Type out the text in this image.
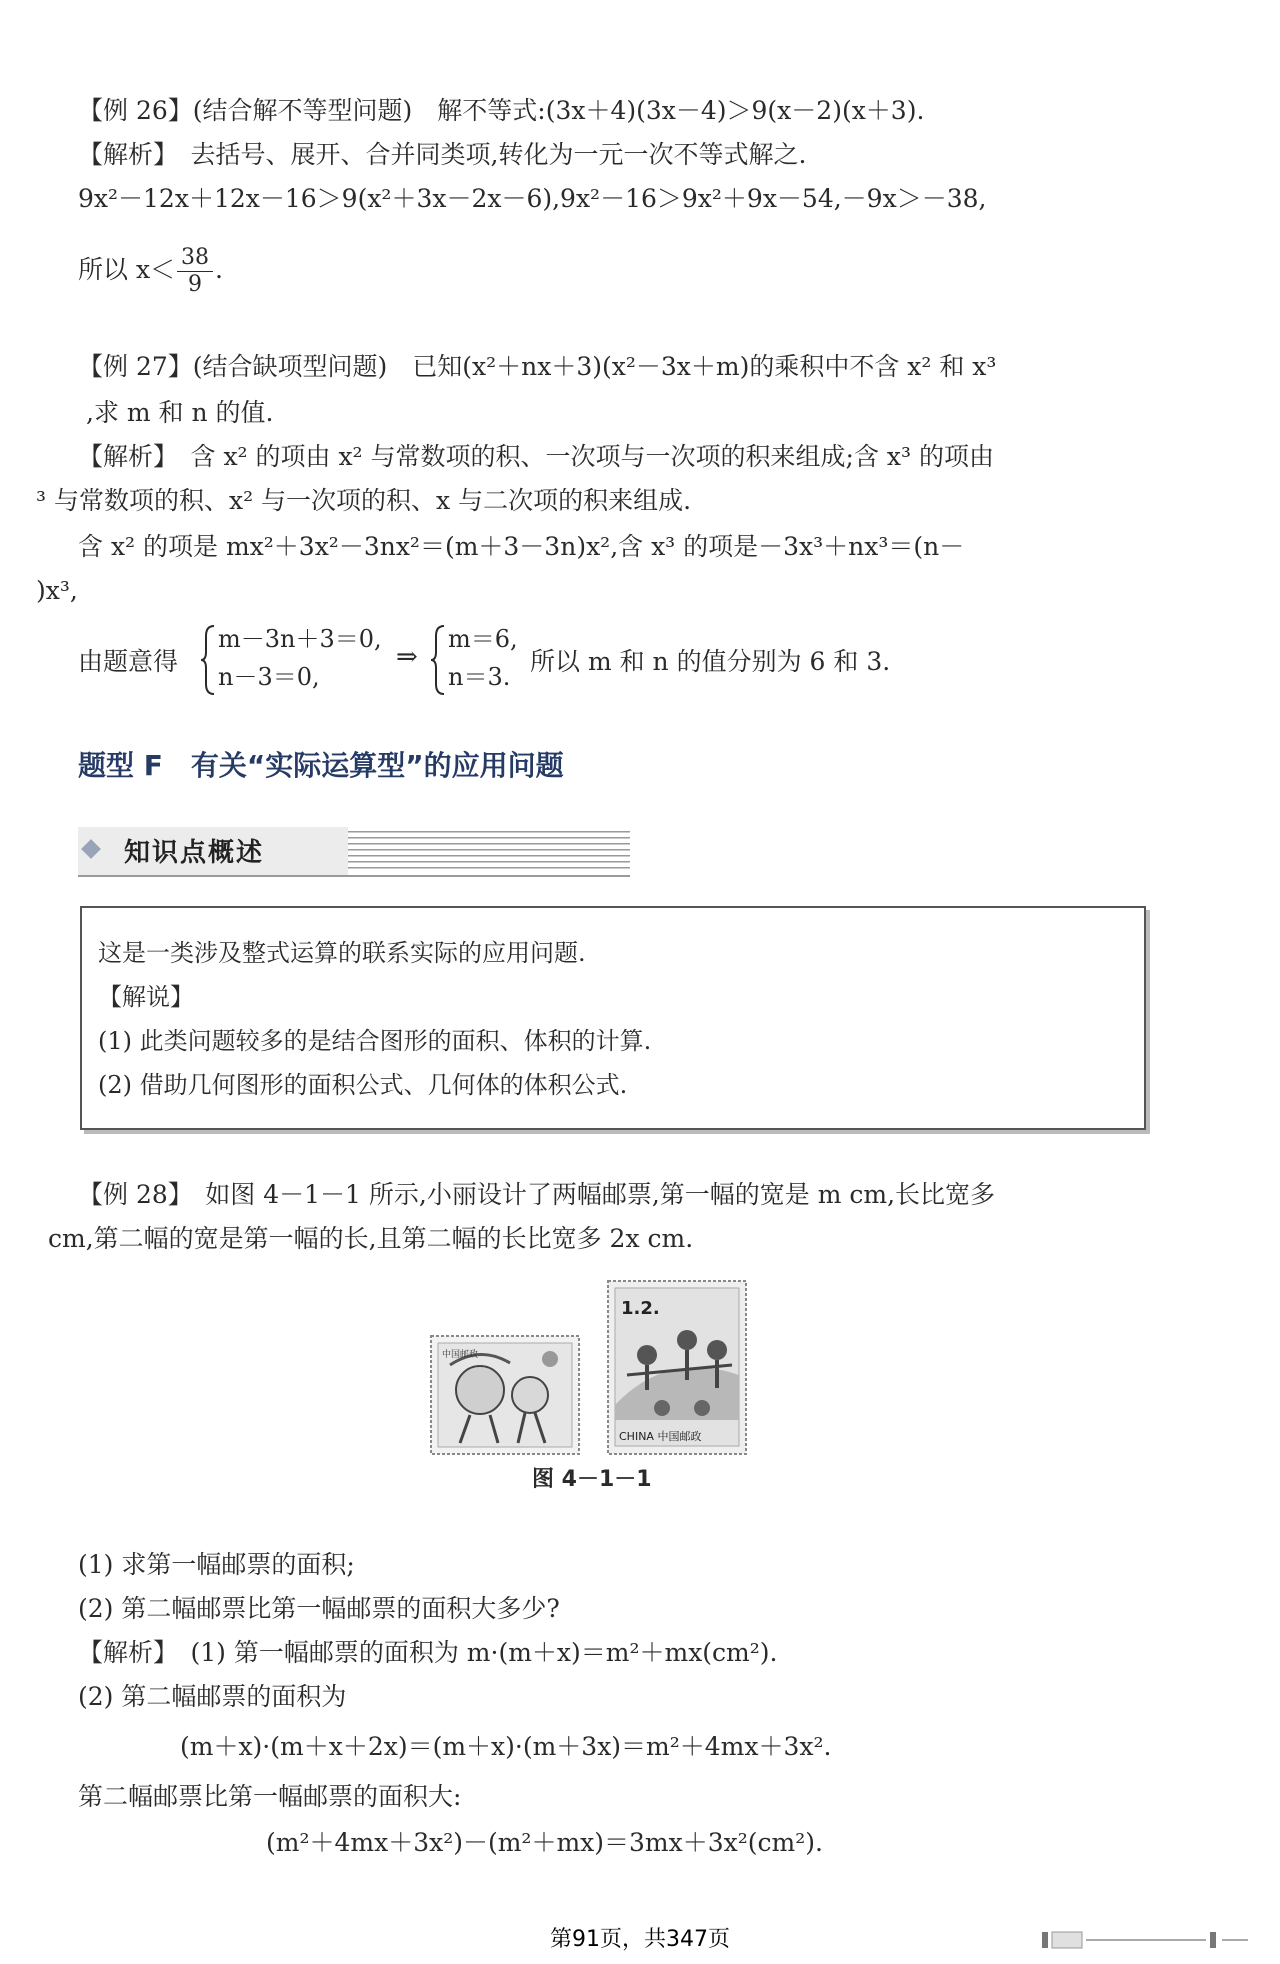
【例 26】(结合解不等型问题)　解不等式:(3x＋4)(3x－4)＞9(x－2)(x＋3).
【解析】　去括号、展开、合并同类项,转化为一元一次不等式解之.
9x²－12x＋12x－16＞9(x²＋3x－2x－6),9x²－16＞9x²＋9x－54,－9x＞－38,
所以 $x< \frac{38}{9}$ .
【例 27】(结合缺项型问题)　已知(x²＋nx＋3)(x²－3x＋m)的乘积中不含 x² 和 x³
,求 m 和 n 的值.
【解析】　含 x² 的项由 x² 与常数项的积、一次项与一次项的积来组成;含 x³ 的项由
³ 与常数项的积、x² 与一次项的积、x 与二次项的积来组成.
含 x² 的项是 mx²＋3x²－3nx²＝(m＋3－3n)x²,含 x³ 的项是－3x³＋nx³＝(n－
)x³,
由题意得
m－3n＋3＝0,
n－3＝0,
⇒
m＝6,
n＝3.
所以 m 和 n 的值分别为 6 和 3.
题型 F　有关“实际运算型”的应用问题
知识点概述
这是一类涉及整式运算的联系实际的应用问题.
【解说】
(1) 此类问题较多的是结合图形的面积、体积的计算.
(2) 借助几何图形的面积公式、几何体的体积公式.
【例 28】　如图 4－1－1 所示,小丽设计了两幅邮票,第一幅的宽是 m cm,长比宽多
cm,第二幅的宽是第一幅的长,且第二幅的长比宽多 2x cm.
中国邮政
1.2.
CHINA 中国邮政
图 4－1－1
(1) 求第一幅邮票的面积;
(2) 第二幅邮票比第一幅邮票的面积大多少?
【解析】　(1) 第一幅邮票的面积为 m·(m＋x)＝m²＋mx(cm²).
(2) 第二幅邮票的面积为
(m＋x)·(m＋x＋2x)＝(m＋x)·(m＋3x)＝m²＋4mx＋3x².
第二幅邮票比第一幅邮票的面积大:
(m²＋4mx＋3x²)－(m²＋mx)＝3mx＋3x²(cm²).
第91页，共347页
